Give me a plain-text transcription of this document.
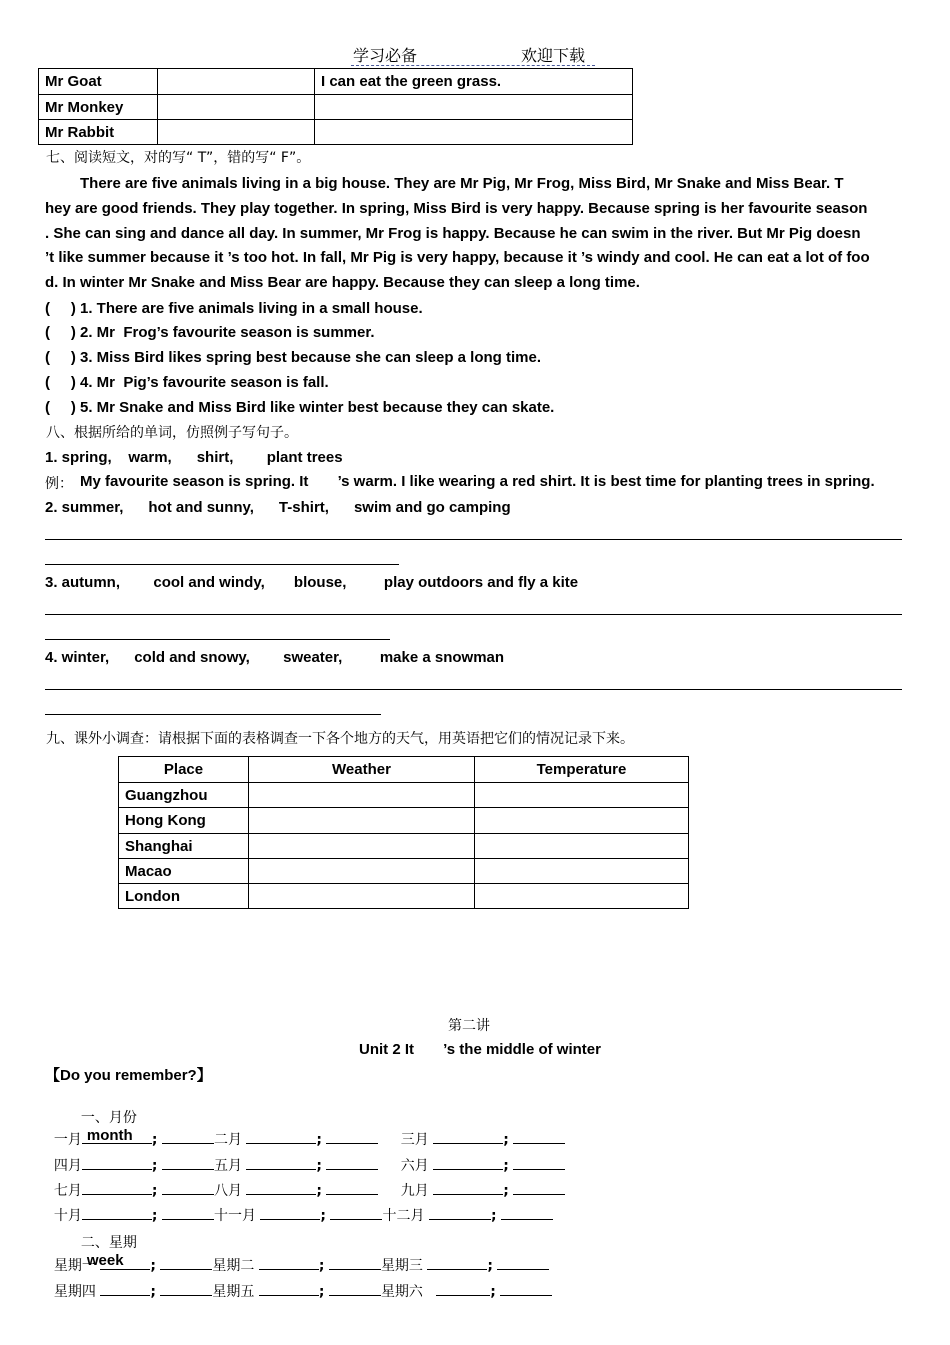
学习必备	欢迎下载
Mr Goat		I can eat the green grass.
Mr Monkey		
Mr Rabbit		
七、阅读短文，对的写“ T”，错的写“ F”。
There are five animals living in a big house. They are Mr Pig, Mr Frog, Miss Bird, Mr Snake and Miss Bear. T
hey are good friends. They play together. In spring, Miss Bird is very happy. Because spring is her favourite season
. She can sing and dance all day. In summer, Mr Frog is happy. Because he can swim in the river. But Mr Pig doesn
’t like summer because it ’s too hot. In fall, Mr Pig is very happy, because it ’s windy and cool. He can eat a lot of foo
d. In winter Mr Snake and Miss Bear are happy. Because they can sleep a long time.
(     ) 1. There are five animals living in a small house.
(     ) 2. Mr  Frog’s favourite season is summer.
(     ) 3. Miss Bird likes spring best because she can sleep a long time.
(     ) 4. Mr  Pig’s favourite season is fall.
(     ) 5. Mr Snake and Miss Bird like winter best because they can skate.
八、根据所给的单词，仿照例子写句子。
1. spring,    warm,      shirt,        plant trees
例： My favourite season is spring. It       ’s warm. I like wearing a red shirt. It is best time for planting trees in spring.
2. summer,      hot and sunny,      T-shirt,      swim and go camping
3. autumn,        cool and windy,       blouse,         play outdoors and fly a kite
4. winter,      cold and snowy,        sweater,         make a snowman
九、课外小调查：请根据下面的表格调查一下各个地方的天气，用英语把它们的情况记录下来。
Place	Weather	Temperature
Guangzhou		
Hong Kong		
Shanghai		
Macao		
London		
第二讲
Unit 2 It       ’s the middle of winter
【Do you remember?】

一、月份
month

一月	;	二月	;	三月	;

四月	;	五月	;	六月	;

七月	;	八月	;	九月	;

十月	;	十一月	;	十二月	;

二、星期
week

星期一	;	星期二	;	星期三	;

星期四	;	星期五	;	星期六	;
